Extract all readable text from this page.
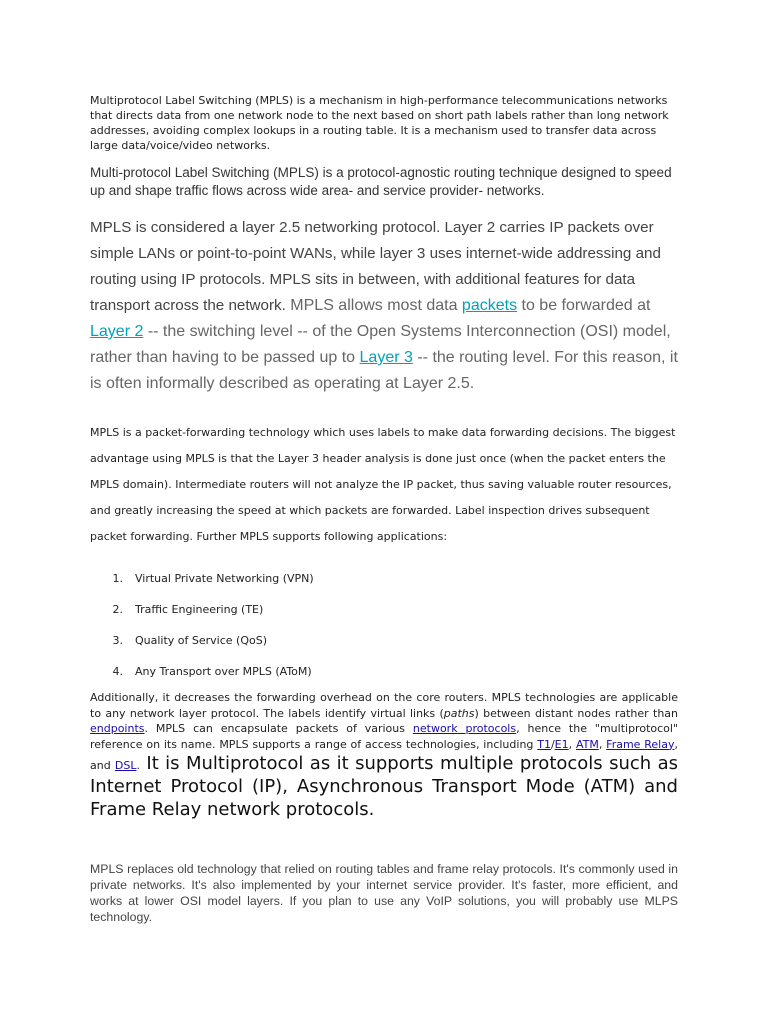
Multiprotocol Label Switching (MPLS) is a mechanism in high-performance telecommunications networks that directs data from one network node to the next based on short path labels rather than long network addresses, avoiding complex lookups in a routing table. It is a mechanism used to transfer data across large data/voice/video networks.

Multi-protocol Label Switching (MPLS) is a protocol-agnostic routing technique designed to speed up and shape traffic flows across wide area- and service provider- networks.

MPLS is considered a layer 2.5 networking protocol. Layer 2 carries IP packets over simple LANs or point-to-point WANs, while layer 3 uses internet-wide addressing and routing using IP protocols. MPLS sits in between, with additional features for data transport across the network. MPLS allows most data packets to be forwarded at Layer 2 -- the switching level -- of the Open Systems Interconnection (OSI) model, rather than having to be passed up to Layer 3 -- the routing level. For this reason, it is often informally described as operating at Layer 2.5.

MPLS is a packet-forwarding technology which uses labels to make data forwarding decisions. The biggest advantage using MPLS is that the Layer 3 header analysis is done just once (when the packet enters the MPLS domain). Intermediate routers will not analyze the IP packet, thus saving valuable router resources, and greatly increasing the speed at which packets are forwarded. Label inspection drives subsequent packet forwarding. Further MPLS supports following applications:

1.	Virtual Private Networking (VPN)
2.	Traffic Engineering (TE)
3.	Quality of Service (QoS)
4.	Any Transport over MPLS (AToM)

Additionally, it decreases the forwarding overhead on the core routers. MPLS technologies are applicable to any network layer protocol. The labels identify virtual links (paths) between distant nodes rather than endpoints. MPLS can encapsulate packets of various network protocols, hence the "multiprotocol" reference on its name. MPLS supports a range of access technologies, including T1/E1, ATM, Frame Relay, and DSL. It is Multiprotocol as it supports multiple protocols such as Internet Protocol (IP), Asynchronous Transport Mode (ATM) and Frame Relay network protocols.

MPLS replaces old technology that relied on routing tables and frame relay protocols. It's commonly used in private networks. It's also implemented by your internet service provider. It's faster, more efficient, and works at lower OSI model layers. If you plan to use any VoIP solutions, you will probably use MLPS technology.
